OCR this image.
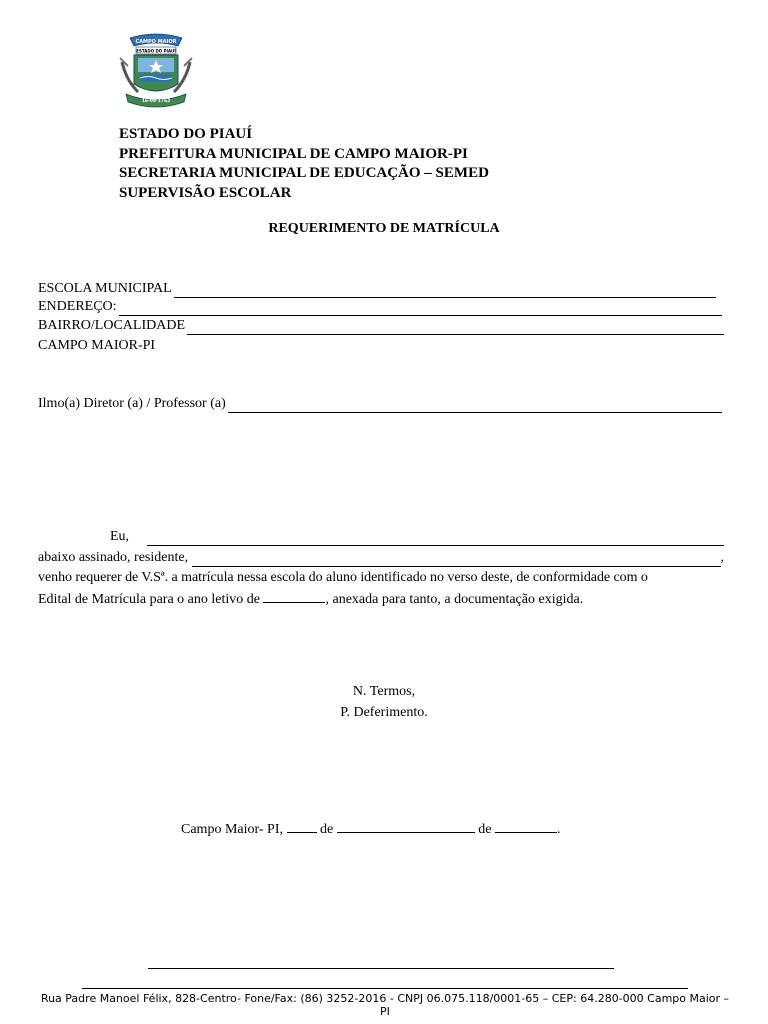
CAMPO MAIOR
ESTADO DO PIAUÍ
16·08·1762
ESTADO DO PIAUÍ
PREFEITURA MUNICIPAL DE CAMPO MAIOR-PI
SECRETARIA MUNICIPAL DE EDUCAÇÃO – SEMED
SUPERVISÃO ESCOLAR
REQUERIMENTO DE MATRÍCULA
ESCOLA MUNICIPAL
ENDEREÇO:
BAIRRO/LOCALIDADE
CAMPO MAIOR-PI
Ilmo(a) Diretor (a) / Professor (a)
Eu,
abaixo assinado, residente,	,
venho requerer de V.Sª. a matrícula nessa escola do aluno identificado no verso deste, de conformidade com o
Edital de Matrícula para o ano letivo de	, anexada para tanto, a documentação exigida.
N. Termos,
P. Deferimento.
Campo Maior- PI,	de	de	.
Rua Padre Manoel Félix, 828-Centro- Fone/Fax: (86) 3252-2016 - CNPJ 06.075.118/0001-65 – CEP: 64.280-000 Campo Maior – PI
